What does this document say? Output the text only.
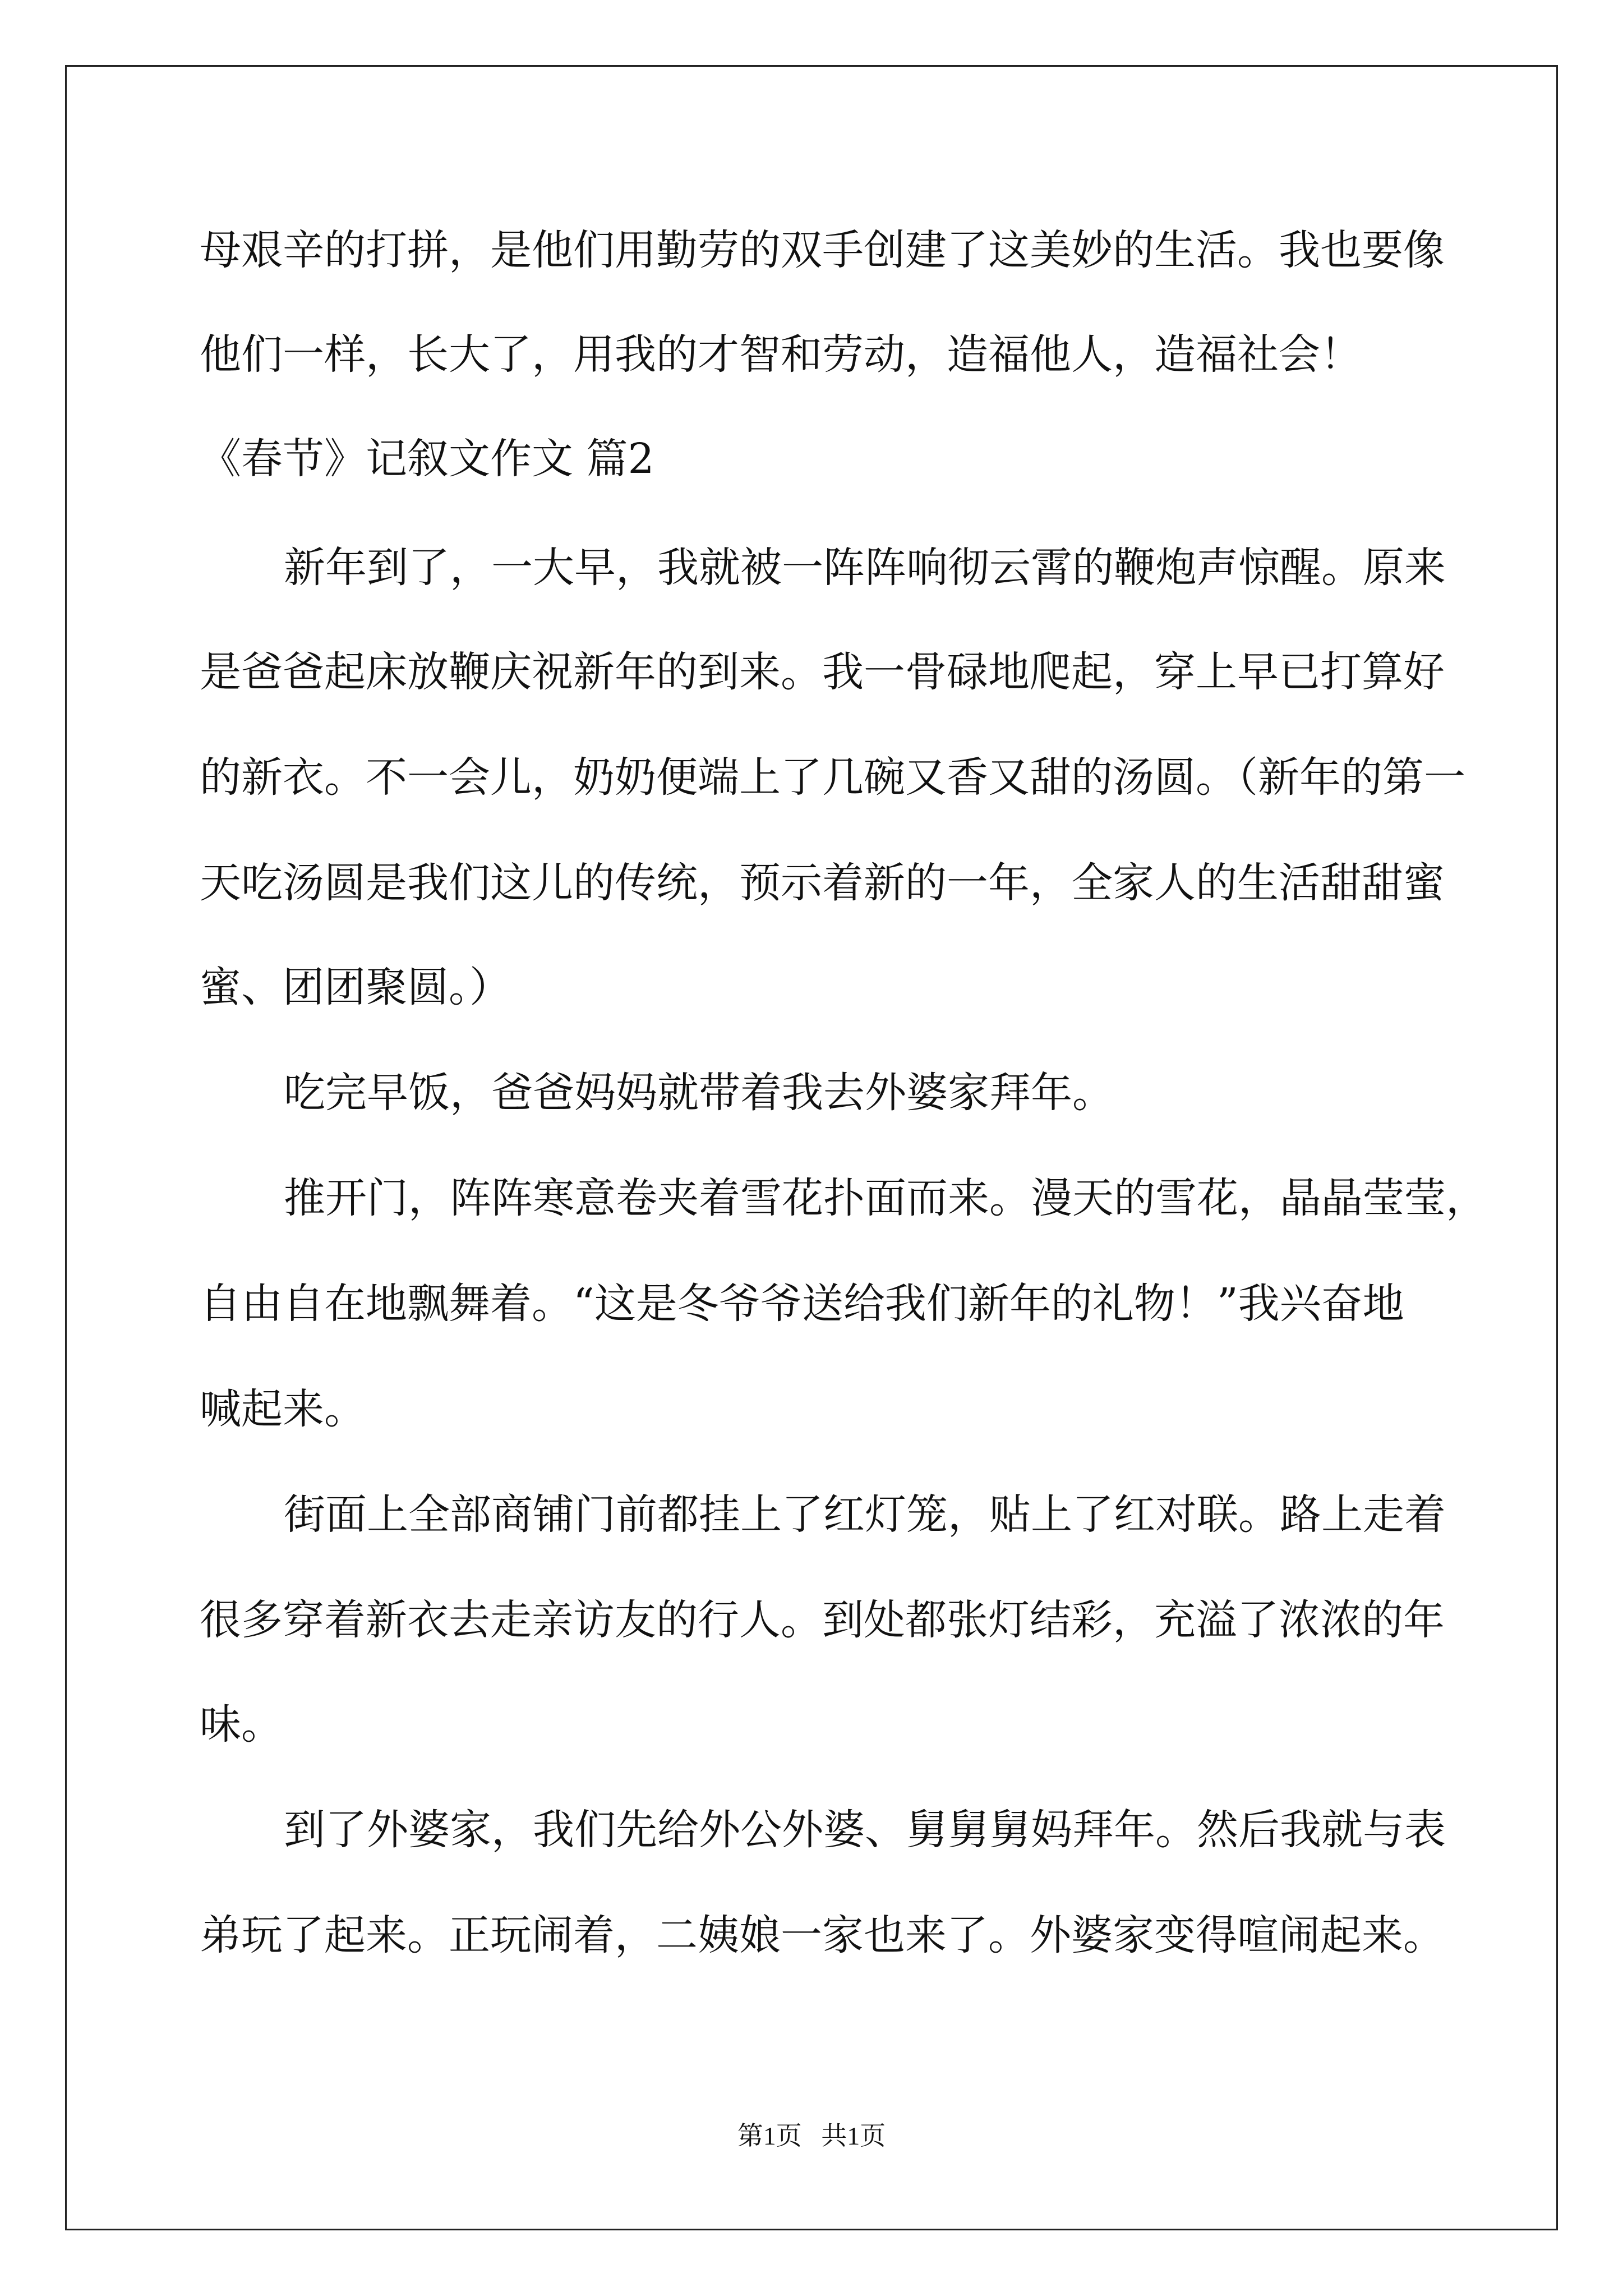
母艰辛的打拼，是他们用勤劳的双手创建了这美妙的生活。我也要像
他们一样，长大了，用我的才智和劳动，造福他人，造福社会！
《春节》记叙文作文 篇2
新年到了，一大早，我就被一阵阵响彻云霄的鞭炮声惊醒。原来
是爸爸起床放鞭庆祝新年的到来。我一骨碌地爬起，穿上早已打算好
的新衣。不一会儿，奶奶便端上了几碗又香又甜的汤圆。（新年的第一
天吃汤圆是我们这儿的传统，预示着新的一年，全家人的生活甜甜蜜
蜜、团团聚圆。）
吃完早饭，爸爸妈妈就带着我去外婆家拜年。
推开门，阵阵寒意卷夹着雪花扑面而来。漫天的雪花，晶晶莹莹，
自由自在地飘舞着。“这是冬爷爷送给我们新年的礼物！”我兴奋地
喊起来。
街面上全部商铺门前都挂上了红灯笼，贴上了红对联。路上走着
很多穿着新衣去走亲访友的行人。到处都张灯结彩，充溢了浓浓的年
味。
到了外婆家，我们先给外公外婆、舅舅舅妈拜年。然后我就与表
弟玩了起来。正玩闹着，二姨娘一家也来了。外婆家变得喧闹起来。
第1页   共1页
